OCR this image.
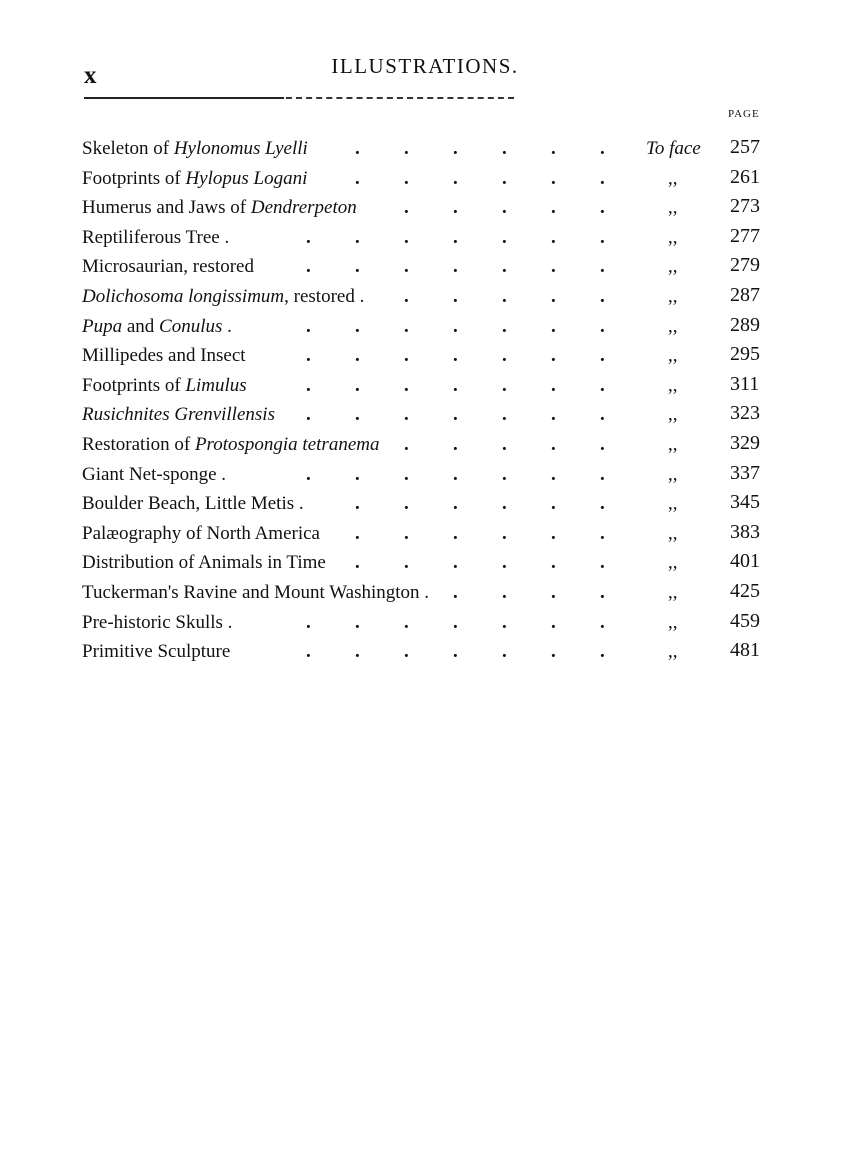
x	ILLUSTRATIONS.
PAGE
Skeleton of Hylonomus Lyelli	To face 257
. . . . . .
Footprints of Hylopus Logani	,,	261
. . . . . .
Humerus and Jaws of Dendrerpeton	,,	273
. . . . .
Reptiliferous Tree .	,,	277
. . . . . . .
Microsaurian, restored	,,	279
. . . . . . .
Dolichosoma longissimum, restored .	,,	287
. . . . .
Pupa and Conulus .	,,	289
. . . . . . .
Millipedes and Insect	,,	295
. . . . . . .
Footprints of Limulus	,,	311
. . . . . . .
Rusichnites Grenvillensis	,,	323
. . . . . . .
Restoration of Protospongia tetranema	,,	329
. . . . .
Giant Net-sponge .	,,	337
. . . . . . .
Boulder Beach, Little Metis .	,,	345
. . . . . .
Palæography of North America	,,	383
. . . . . .
Distribution of Animals in Time	,,	401
. . . . . .
Tuckerman's Ravine and Mount Washington .	,,	425
. . . .
Pre-historic Skulls .	,,	459
. . . . . . .
Primitive Sculpture	,,	481
. . . . . . .
